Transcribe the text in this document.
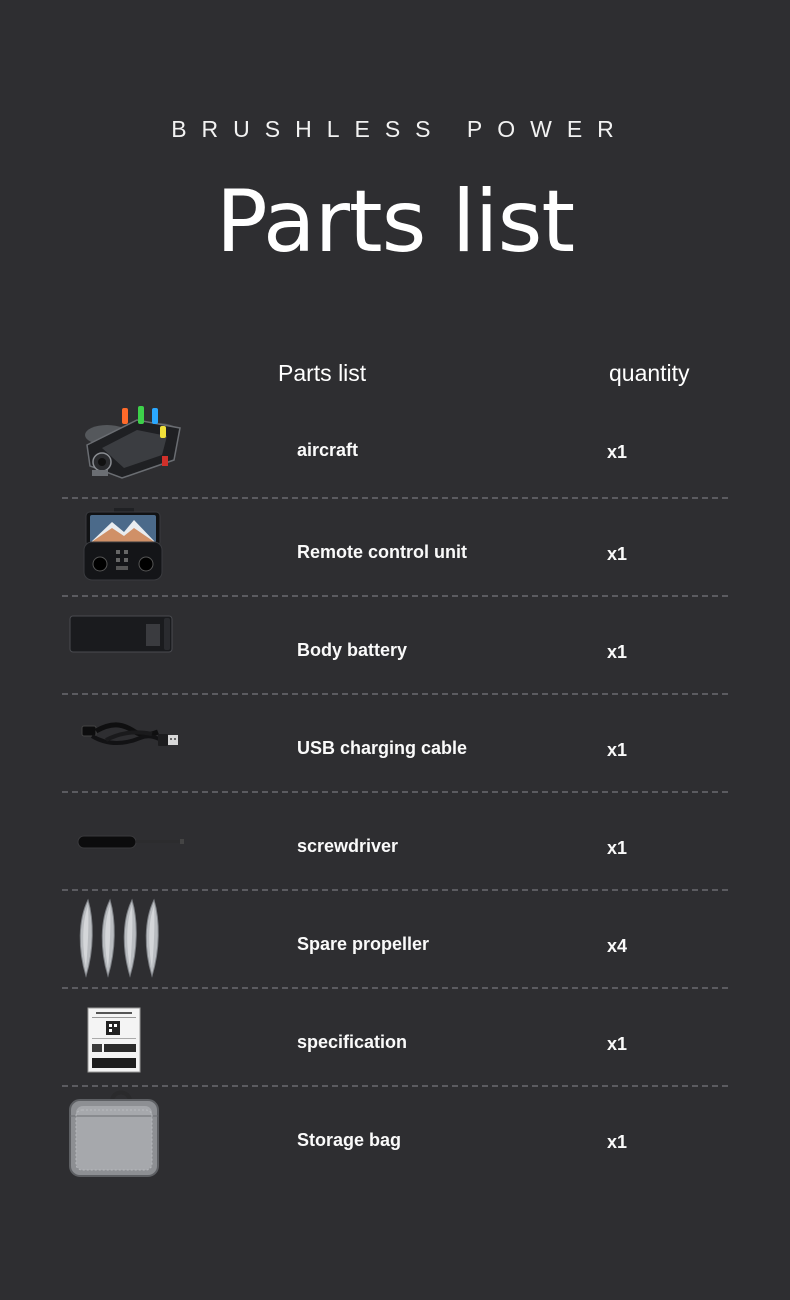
BRUSHLESS POWER
Parts list
Parts list	quantity
aircraft	x1
Remote control unit	x1
Body battery	x1
USB charging cable	x1
screwdriver	x1
Spare propeller	x4
specification	x1
Storage bag	x1
